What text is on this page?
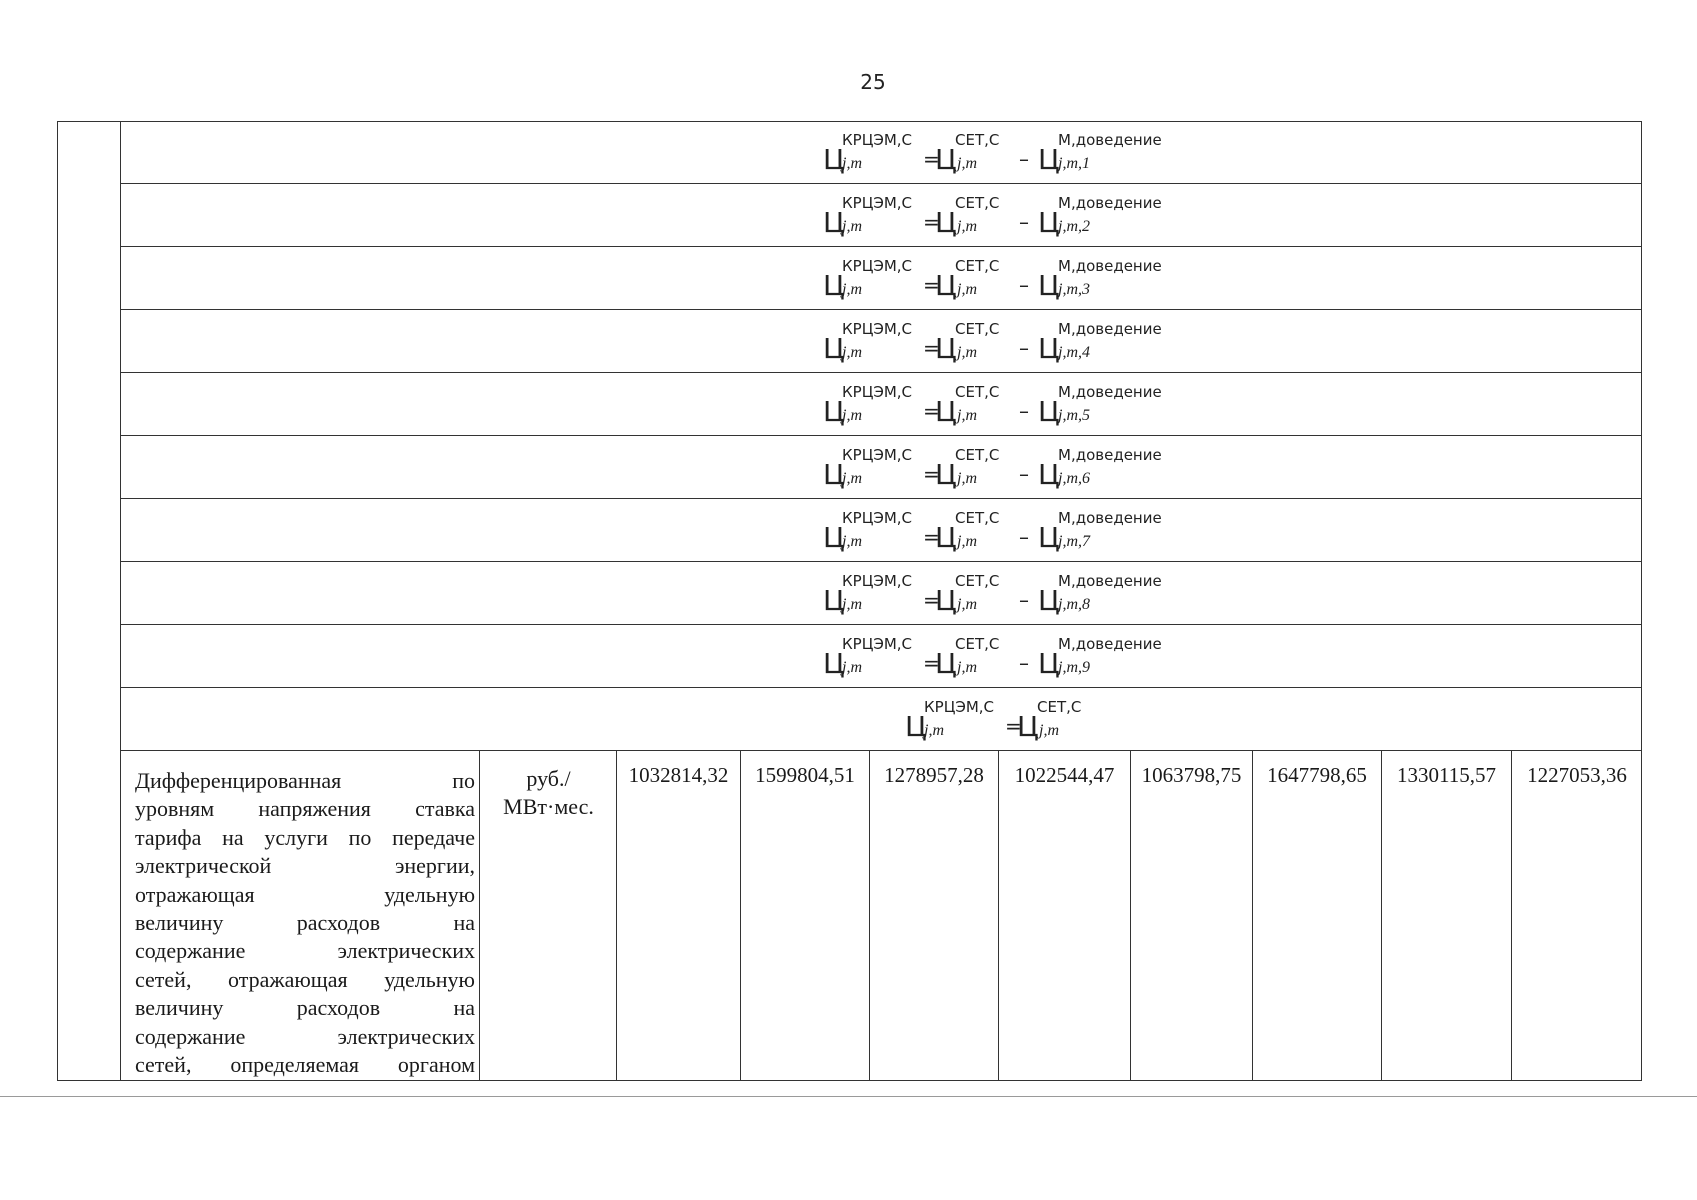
25
Ц
КРЦЭМ,С
j,m	=
Ц
СЕТ,С
j,m – Ц
М,доведение
j,m,1
Ц
КРЦЭМ,С
j,m	=
Ц
СЕТ,С
j,m – Ц
М,доведение
j,m,2
Ц
КРЦЭМ,С
j,m	=
Ц
СЕТ,С
j,m – Ц
М,доведение
j,m,3
Ц
КРЦЭМ,С
j,m	=
Ц
СЕТ,С
j,m – Ц
М,доведение
j,m,4
Ц
КРЦЭМ,С
j,m	=
Ц
СЕТ,С
j,m – Ц
М,доведение
j,m,5
Ц
КРЦЭМ,С
j,m	=
Ц
СЕТ,С
j,m – Ц
М,доведение
j,m,6
Ц
КРЦЭМ,С
j,m	=
Ц
СЕТ,С
j,m – Ц
М,доведение
j,m,7
Ц
КРЦЭМ,С
j,m	=
Ц
СЕТ,С
j,m – Ц
М,доведение
j,m,8
Ц
КРЦЭМ,С
j,m	=
Ц
СЕТ,С
j,m – Ц
М,доведение
j,m,9
Ц
КРЦЭМ,С
j,m	=
Ц
СЕТ,С
j,m
Дифференцированная по
уровням напряжения ставка
тарифа на услуги по передаче
электрической энергии,
отражающая удельную
величину расходов на
содержание электрических
сетей, отражающая удельную
величину расходов на
содержание электрических
сетей, определяемая органом
руб./
МВт·мес.
1032814,32	1599804,51	1278957,28	1022544,47	1063798,75	1647798,65	1330115,57	1227053,36
